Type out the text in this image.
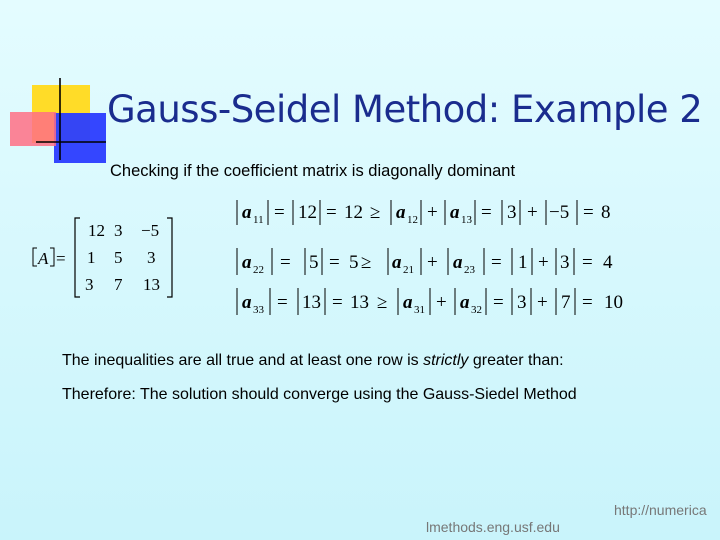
Gauss-Seidel Method: Example 2
Checking if the coefficient matrix is diagonally dominant
A =
12 3 −5
1 5 3
3 7 13
a 11 = 12 = 12 ≥ a 12 + a 13 = 3 + −5 = 8
a 22 = 5 = 5 ≥ a 21 + a 23 = 1 + 3 = 4
a 33 = 13 = 13 ≥ a 31 + a 32 = 3 + 7 = 10
The inequalities are all true and at least one row is strictly greater than:
Therefore: The solution should converge using the Gauss-Siedel Method
http://numerica
lmethods.eng.usf.edu
